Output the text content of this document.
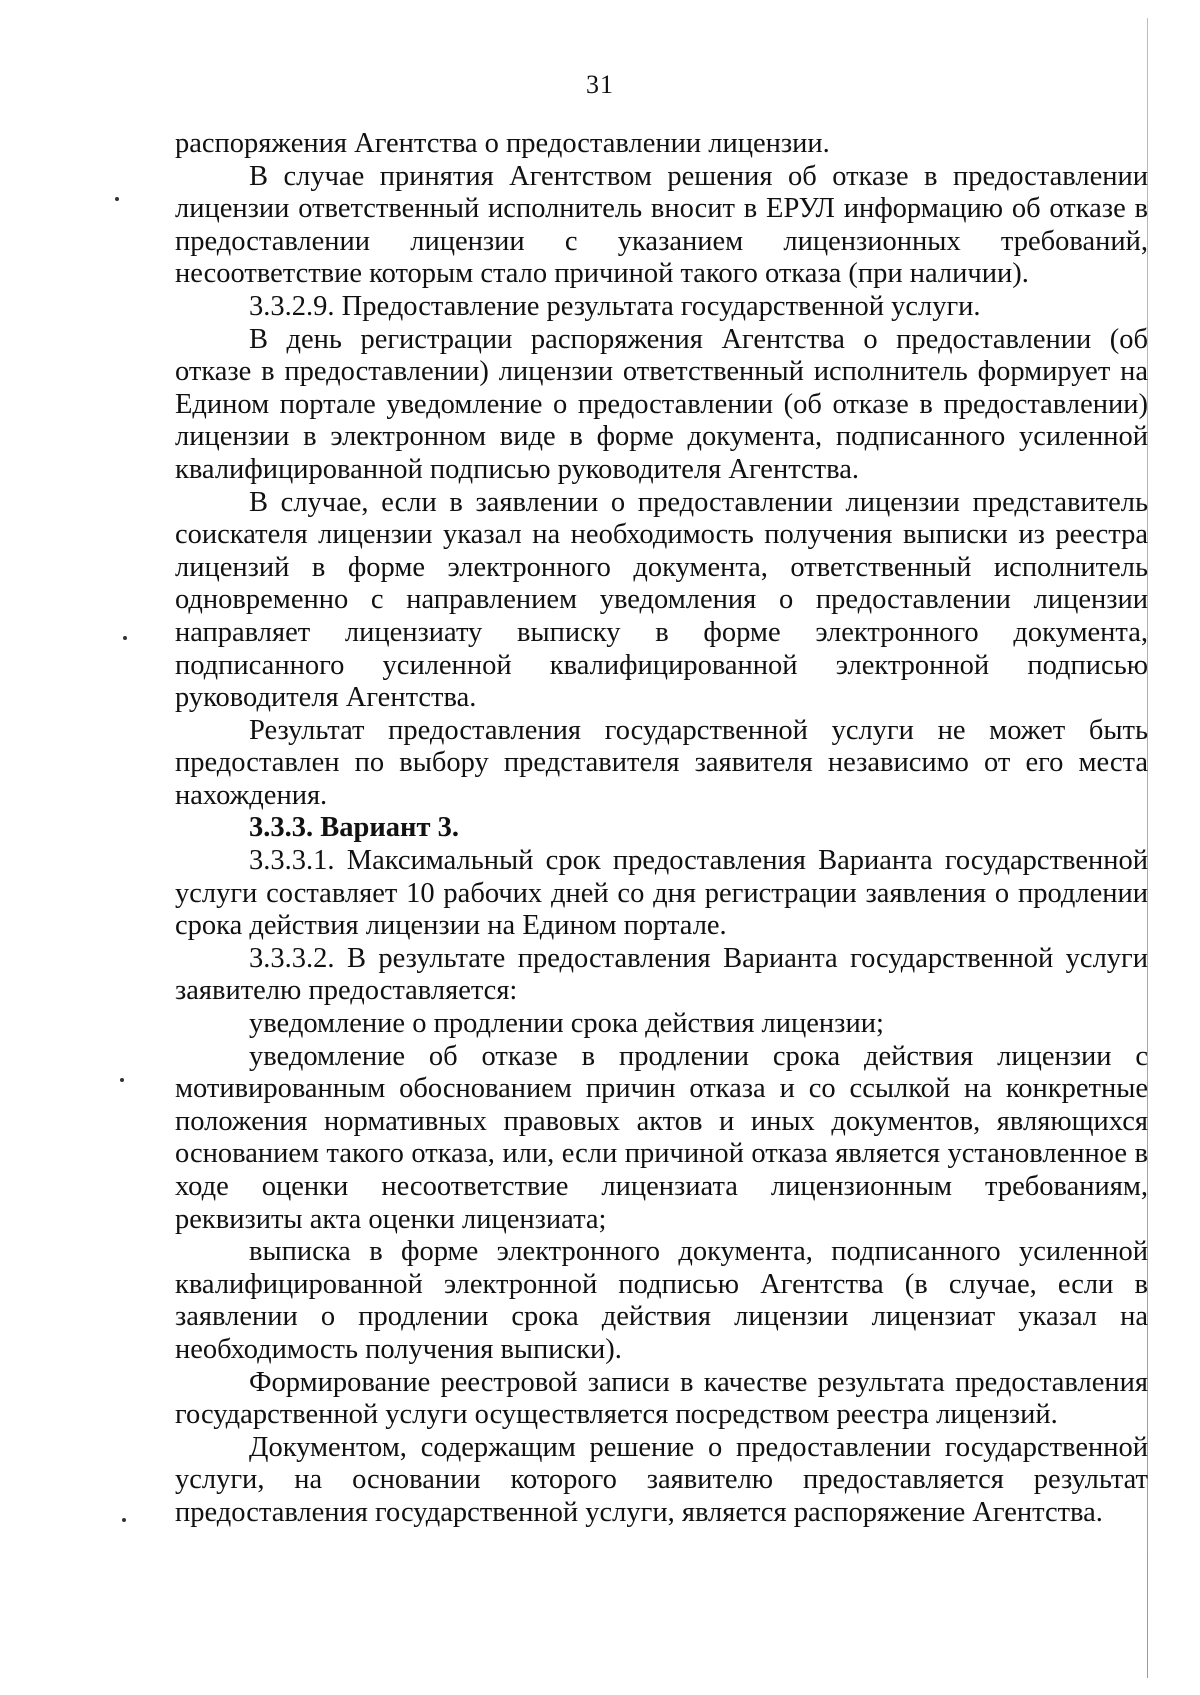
31

распоряжения Агентства о предоставлении лицензии.

В случае принятия Агентством решения об отказе в предоставлении лицензии ответственный исполнитель вносит в ЕРУЛ информацию об отказе в предоставлении лицензии с указанием лицензионных требований, несоответствие которым стало причиной такого отказа (при наличии).

3.3.2.9. Предоставление результата государственной услуги.

В день регистрации распоряжения Агентства о предоставлении (об отказе в предоставлении) лицензии ответственный исполнитель формирует на Едином портале уведомление о предоставлении (об отказе в предоставлении) лицензии в электронном виде в форме документа, подписанного усиленной квалифицированной подписью руководителя Агентства.

В случае, если в заявлении о предоставлении лицензии представитель соискателя лицензии указал на необходимость получения выписки из реестра лицензий в форме электронного документа, ответственный исполнитель одновременно с направлением уведомления о предоставлении лицензии направляет лицензиату выписку в форме электронного документа, подписанного усиленной квалифицированной электронной подписью руководителя Агентства.

Результат предоставления государственной услуги не может быть предоставлен по выбору представителя заявителя независимо от его места нахождения.

3.3.3. Вариант 3.

3.3.3.1. Максимальный срок предоставления Варианта государственной услуги составляет 10 рабочих дней со дня регистрации заявления о продлении срока действия лицензии на Едином портале.

3.3.3.2. В результате предоставления Варианта государственной услуги заявителю предоставляется:

уведомление о продлении срока действия лицензии;

уведомление об отказе в продлении срока действия лицензии с мотивированным обоснованием причин отказа и со ссылкой на конкретные положения нормативных правовых актов и иных документов, являющихся основанием такого отказа, или, если причиной отказа является установленное в ходе оценки несоответствие лицензиата лицензионным требованиям, реквизиты акта оценки лицензиата;

выписка в форме электронного документа, подписанного усиленной квалифицированной электронной подписью Агентства (в случае, если в заявлении о продлении срока действия лицензии лицензиат указал на необходимость получения выписки).

Формирование реестровой записи в качестве результата предоставления государственной услуги осуществляется посредством реестра лицензий.

Документом, содержащим решение о предоставлении государственной услуги, на основании которого заявителю предоставляется результат предоставления государственной услуги, является распоряжение Агентства.
